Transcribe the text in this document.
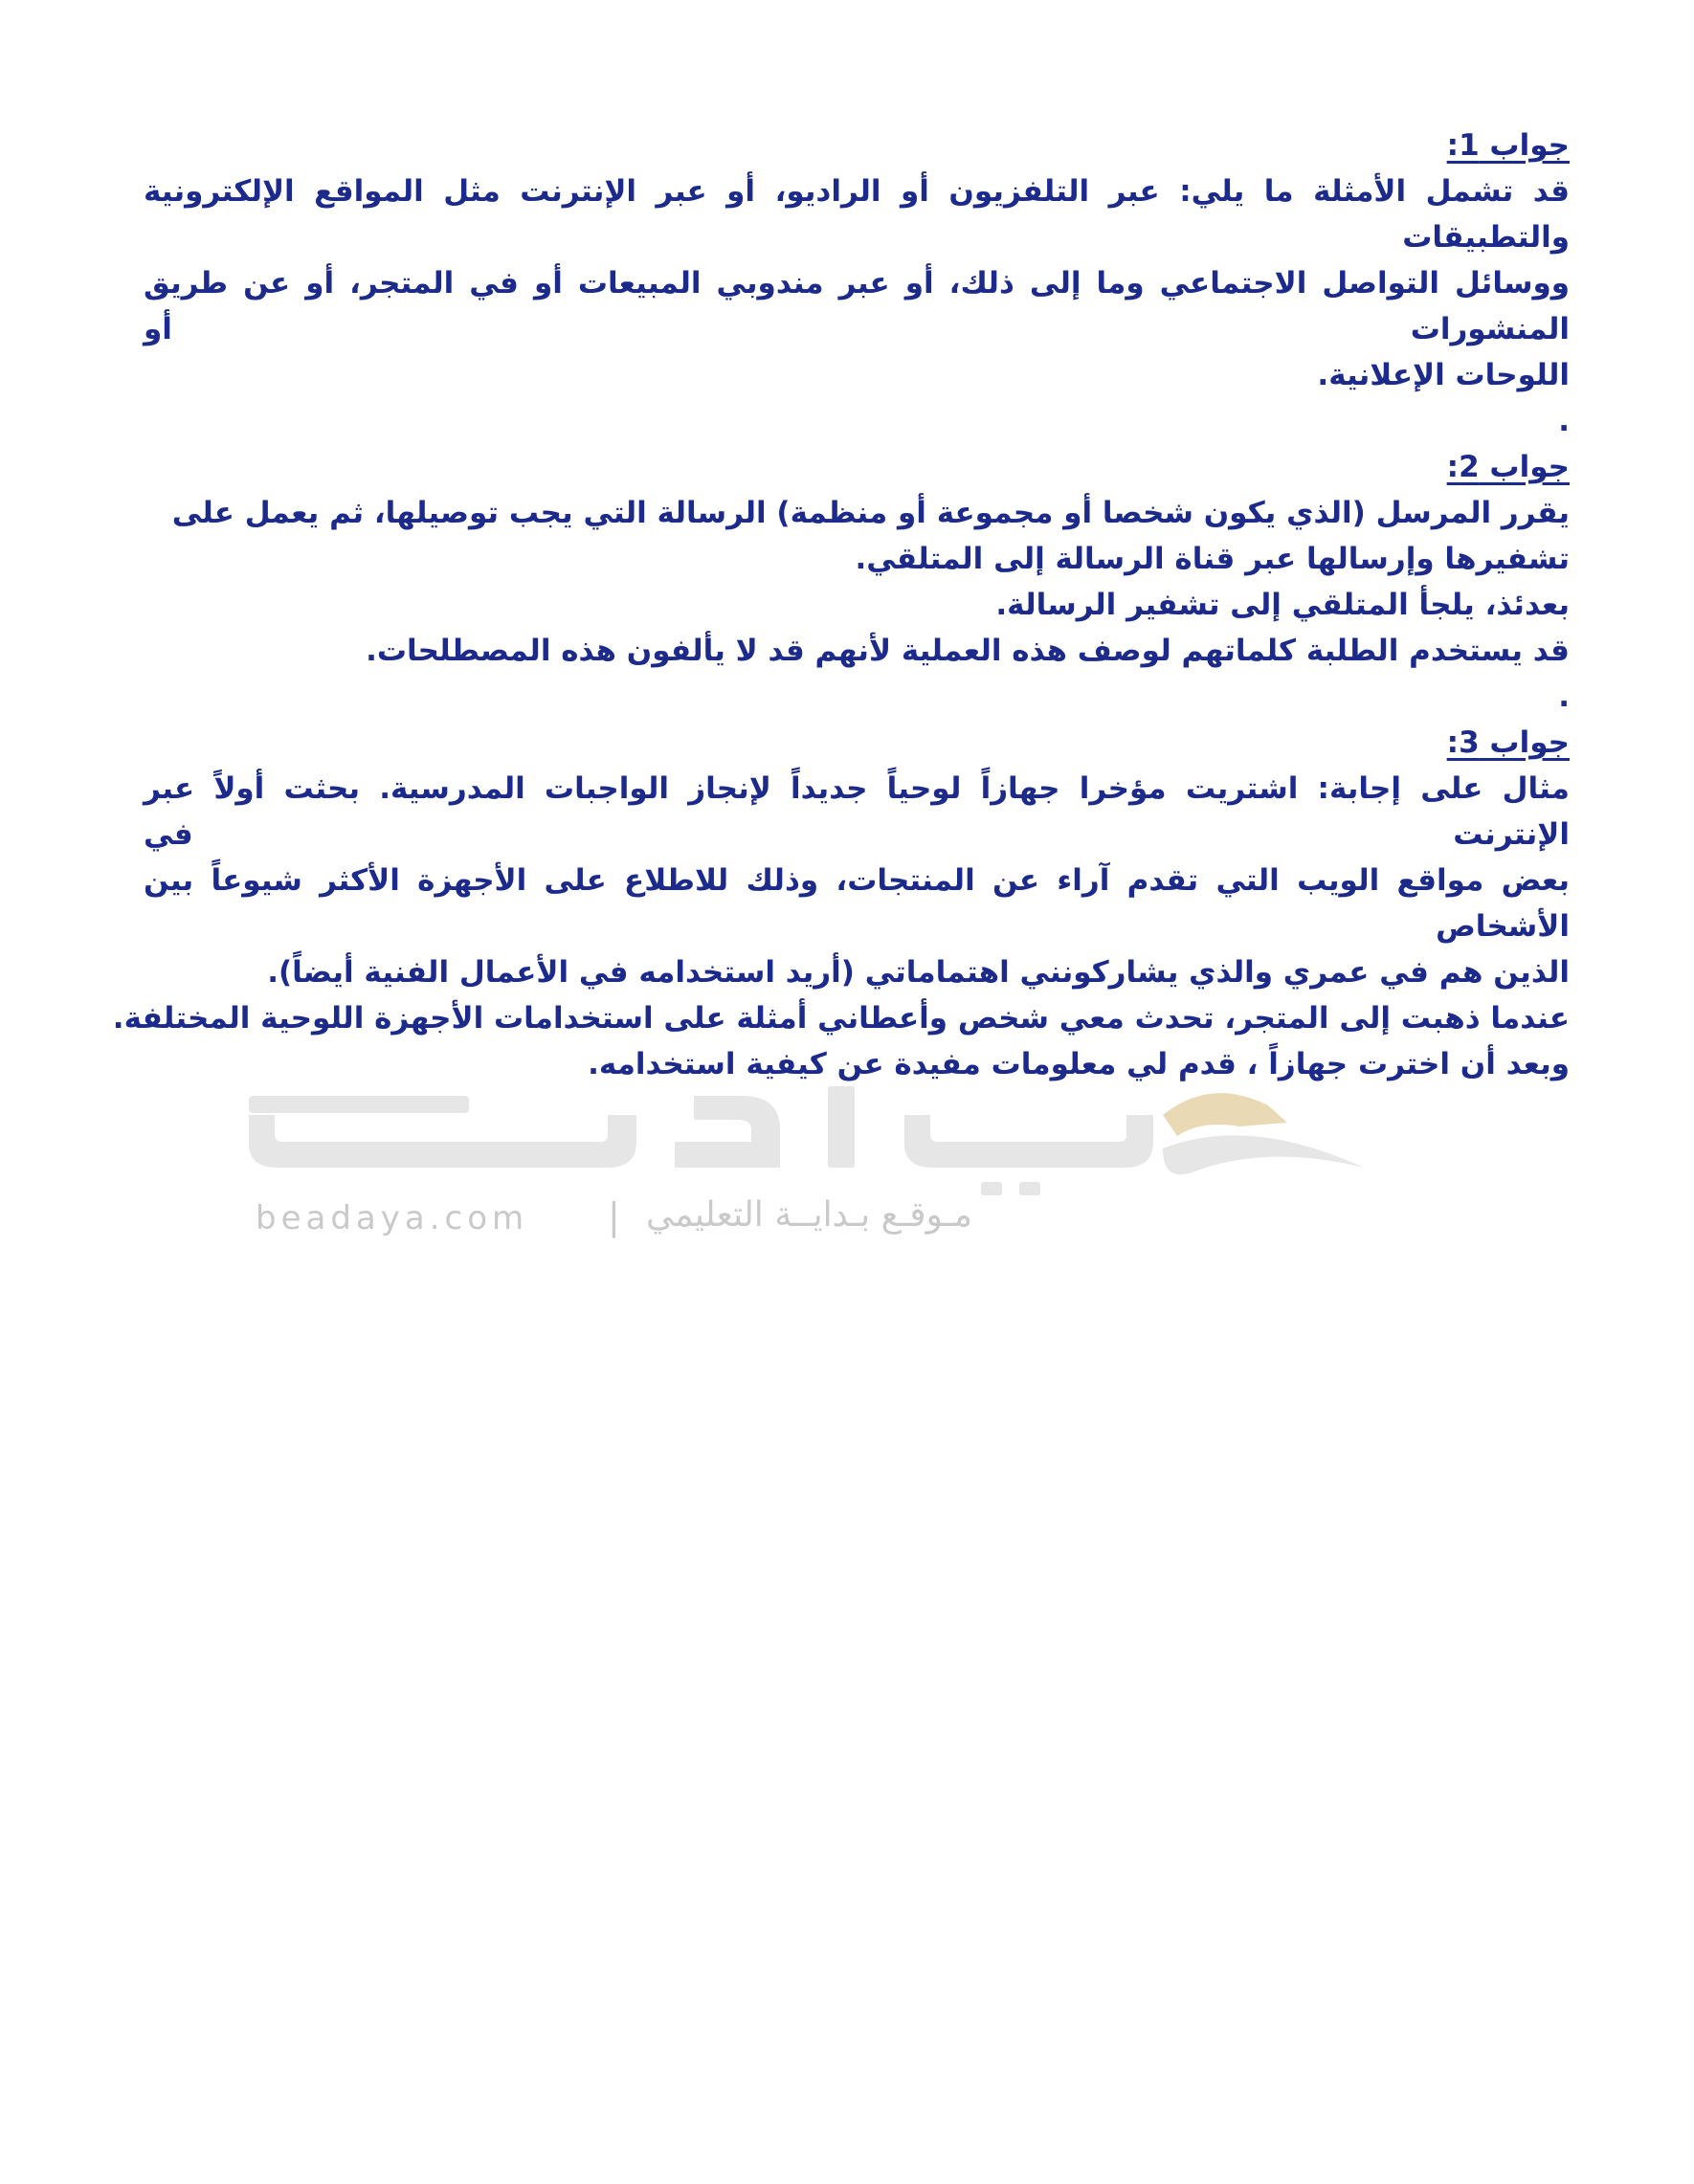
جواب 1:

قد تشمل الأمثلة ما يلي: عبر التلفزيون أو الراديو، أو عبر الإنترنت مثل المواقع الإلكترونية والتطبيقات

ووسائل التواصل الاجتماعي وما إلى ذلك، أو عبر مندوبي المبيعات أو في المتجر، أو عن طريق المنشورات أو

اللوحات الإعلانية.

.

جواب 2:

يقرر المرسل (الذي يكون شخصا أو مجموعة أو منظمة) الرسالة التي يجب توصيلها، ثم يعمل على

تشفيرها وإرسالها عبر قناة الرسالة إلى المتلقي.

بعدئذ، يلجأ المتلقي إلى تشفير الرسالة.

قد يستخدم الطلبة كلماتهم لوصف هذه العملية لأنهم قد لا يألفون هذه المصطلحات.

.

جواب 3:

مثال على إجابة: اشتريت مؤخرا جهازاً لوحياً جديداً لإنجاز الواجبات المدرسية. بحثت أولاً عبر الإنترنت في

بعض مواقع الويب التي تقدم آراء عن المنتجات، وذلك للاطلاع على الأجهزة الأكثر شيوعاً بين الأشخاص

الذين هم في عمري والذي يشاركونني اهتماماتي (أريد استخدامه في الأعمال الفنية أيضاً).

عندما ذهبت إلى المتجر، تحدث معي شخص وأعطاني أمثلة على استخدامات الأجهزة اللوحية المختلفة.

وبعد أن اخترت جهازاً ، قدم لي معلومات مفيدة عن كيفية استخدامه.

beadaya.com | مـوقـع بـدايــة التعليمي
